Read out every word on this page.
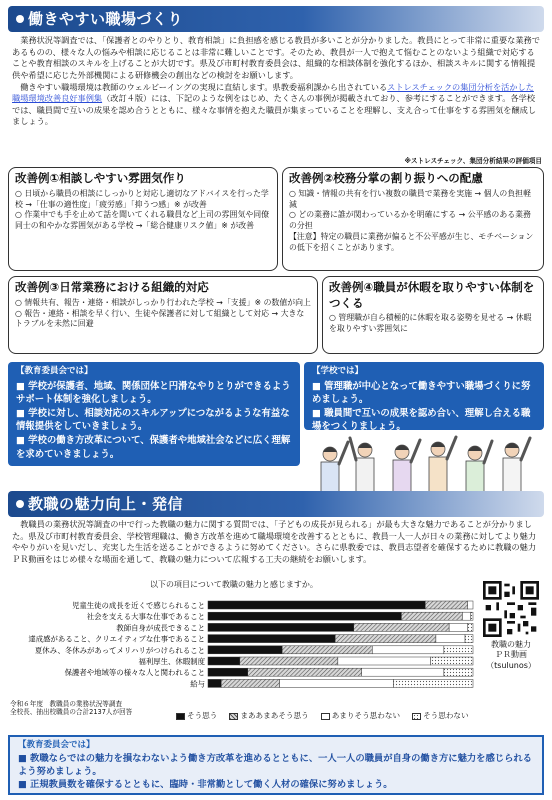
働きやすい職場づくり

業務状況等調査では、「保護者とのやりとり、教育相談」に負担感を感じる教員が多いことが分かりました。教員にとって非常に重要な業務であるものの、様々な人の悩みや相談に応じることは非常に難しいことです。そのため、教員が一人で抱えて悩むことのないよう組織で対応することや教育相談のスキルを上げることが大切です。県及び市町村教育委員会は、組織的な相談体制を強化するほか、相談スキルに関する情報提供や希望に応じた外部機関による研修機会の創出などの検討をお願いします。

働きやすい職場環境は教師のウェルビーイングの実現に直結します。県教委福利課から出されているストレスチェックの集団分析を活かした職場環境改善良好事例集（改訂４版）には、下記のような例をはじめ、たくさんの事例が掲載されており、参考にすることができます。各学校では、職員間で互いの成果を認め合うとともに、様々な事情を抱えた職員が集まっていることを理解し、支え合って仕事をする雰囲気を醸成しましょう。

※ストレスチェック、集団分析結果の評価項目
改善例①相談しやすい雰囲気作り
○ 日頃から職員の相談にしっかりと対応し適切なアドバイスを行った学校 →「仕事の適性度」「疲労感」「抑うつ感」※ が改善
○ 作業中でも手を止めて話を聞いてくれる職員など上司の雰囲気や同僚同士の和やかな雰囲気がある学校 →「総合健康リスク値」※ が改善
改善例②校務分掌の割り振りへの配慮
○ 知識・情報の共有を行い複数の職員で業務を実施 → 個人の負担軽減
○ どの業務に誰が関わっているかを明確にする → 公平感のある業務の分担
【注意】特定の職員に業務が偏ると不公平感が生じ、モチベーションの低下を招くことがあります。
改善例③日常業務における組織的対応
○ 情報共有、報告・連絡・相談がしっかり行われた学校 →「支援」※ の数値が向上
○ 報告・連絡・相談を早く行い、生徒や保護者に対して組織として対応 → 大きなトラブルを未然に回避
改善例④職員が休暇を取りやすい体制をつくる
○ 管理職が自ら積極的に休暇を取る姿勢を見せる → 休暇を取りやすい雰囲気に
【教育委員会では】
■ 学校が保護者、地域、関係団体と円滑なやりとりができるようサポート体制を強化しましょう。
■ 学校に対し、相談対応のスキルアップにつながるような有益な情報提供をしていきましょう。
■ 学校の働き方改革について、保護者や地域社会などに広く理解を求めていきましょう。
【学校では】
■ 管理職が中心となって働きやすい職場づくりに努めましょう。
■ 職員間で互いの成果を認め合い、理解し合える職場をつくりましょう。
教職の魅力向上・発信

教職員の業務状況等調査の中で行った教職の魅力に関する質問では、「子どもの成長が見られる」が最も大きな魅力であることが分かりました。県及び市町村教育委員会、学校管理職は、働き方改革を進めて職場環境を改善するとともに、教員一人一人が日々の業務に対してより魅力ややりがいを見いだし、充実した生活を送ることができるように努めてください。さらに県教委では、教員志望者を確保するために教職の魅力ＰＲ動画をはじめ様々な場面を通して、教職の魅力について広報する工夫の継続をお願いします。

以下の項目について教職の魅力と感じますか。
児童生徒の成長を近くで感じられること
社会を支える大事な仕事であること
教師自身が成長できること
達成感があること、クリエイティブな仕事であること
夏休み、冬休みがあってメリハリがつけられること
福利厚生、休暇制度
保護者や地域等の様々な人と関われること
給与
そう思う	まああまあそう思う	あまりそう思わない	そう思わない
令和６年度　教職員の業務状況等調査
全校長、抽出校職員の合計2137人が回答
教職の魅力
ＰＲ動画
（tsulunos）
【教育委員会では】
■ 教職ならではの魅力を損なわないよう働き方改革を進めるとともに、一人一人の職員が自身の働き方に魅力を感じられるよう努めましょう。
■ 正規教員数を確保するとともに、臨時・非常勤として働く人材の確保に努めましょう。
